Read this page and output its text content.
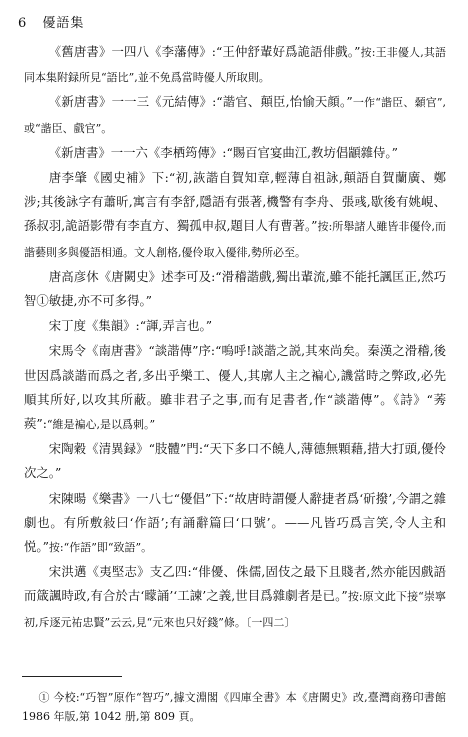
6 優語集

《舊唐書》一四八《李藩傳》:“王仲舒輩好爲詭語俳戲。”按:王非優人,其語同本集附録所見“語比”,並不免爲當時優人所取則。

《新唐書》一一三《元結傳》:“諧官、顛臣,怡愉天顔。”一作“諧臣、顙官”,或“諧臣、戲官”。

《新唐書》一一六《李栖筠傳》:“賜百官宴曲江,教坊倡顓雜侍。”

唐李肇《國史補》下:“初,詼諧自賀知章,輕薄自祖詠,顛語自賀蘭廣、鄭涉;其後詠字有蕭昕,寓言有李舒,隱語有張著,機警有李舟、張彧,歇後有姚峴、孫叔羽,詭語影帶有李直方、獨孤申叔,題目人有曹著。”按:所舉諸人雖皆非優伶,而諧藝則多與優語相通。文人創格,優伶取入優徘,勢所必至。

唐高彦休《唐闕史》述李可及:“滑稽諧戲,獨出輩流,雖不能托諷匡正,然巧智①敏捷,亦不可多得。”

宋丁度《集韻》:“諢,弄言也。”

宋馬令《南唐書》“談諧傳”序:“嗚呼!談諧之説,其來尚矣。秦漢之滑稽,後世因爲談諧而爲之者,多出乎樂工、優人,其廓人主之褊心,譏當時之弊政,必先順其所好,以攻其所蔽。雖非君子之事,而有足書者,作“談諧傳”。《詩》“莠蒺”:“維是褊心,是以爲刺。”

宋陶穀《清異録》“肢體”門:“天下多口不饒人,薄德無顆藉,措大打頭,優伶次之。”

宋陳暘《樂書》一八七“優倡”下:“故唐時謂優人辭捷者爲‘斫撥’,今謂之雜劇也。有所敷敍曰‘作語’;有誦辭篇曰‘口號’。——凡皆巧爲言笑,令人主和悦。”按:“作語”即“致語”。

宋洪邁《夷堅志》支乙四:“俳優、侏儒,固伎之最下且賤者,然亦能因戲語而箴諷時政,有合於古‘矇誦’‘工諫’之義,世目爲雜劇者是已。”按:原文此下接“崇寧初,斥逐元祐忠賢”云云,見“元來也只好錢”條。〔一四二〕

① 今校:“巧智”原作“智巧”,據文淵閣《四庫全書》本《唐闕史》改,臺灣商務印書館 1986 年版,第 1042 册,第 809 頁。
